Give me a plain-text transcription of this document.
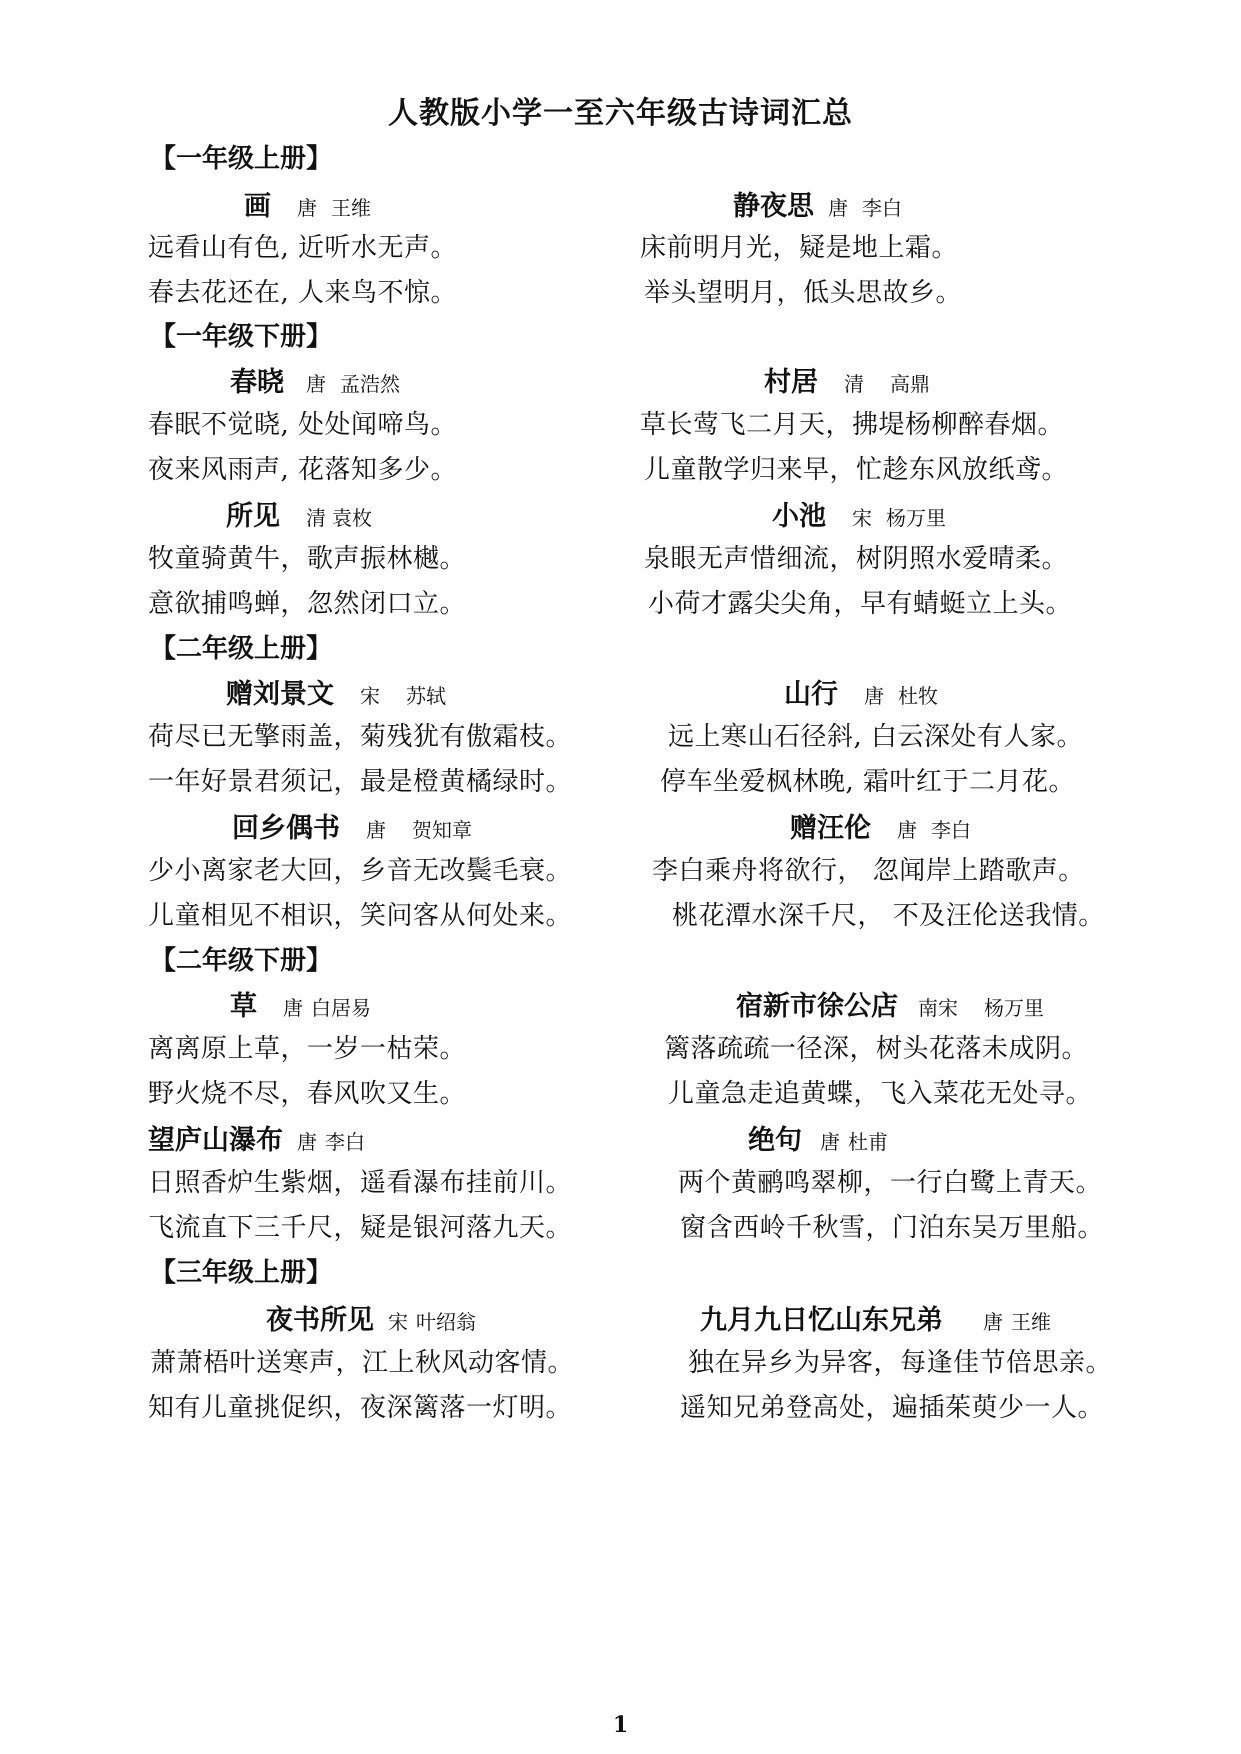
人教版小学一至六年级古诗词汇总
【一年级上册】
画 唐 王维
远看山有色, 近听水无声。
春去花还在, 人来鸟不惊。
静夜思 唐 李白
床前明月光，疑是地上霜。
举头望明月，低头思故乡。
【一年级下册】
春晓 唐 孟浩然
春眠不觉晓, 处处闻啼鸟。
夜来风雨声, 花落知多少。
村居 清 高鼎
草长莺飞二月天，拂堤杨柳醉春烟。
儿童散学归来早，忙趁东风放纸鸢。
所见 清 袁枚
牧童骑黄牛，歌声振林樾。
意欲捕鸣蝉，忽然闭口立。
小池 宋 杨万里
泉眼无声惜细流，树阴照水爱晴柔。
小荷才露尖尖角，早有蜻蜓立上头。
【二年级上册】
赠刘景文 宋 苏轼
荷尽已无擎雨盖，菊残犹有傲霜枝。
一年好景君须记，最是橙黄橘绿时。
山行 唐 杜牧
远上寒山石径斜, 白云深处有人家。
停车坐爱枫林晚, 霜叶红于二月花。
回乡偶书 唐 贺知章
少小离家老大回，乡音无改鬓毛衰。
儿童相见不相识，笑问客从何处来。
赠汪伦 唐 李白
李白乘舟将欲行， 忽闻岸上踏歌声。
桃花潭水深千尺， 不及汪伦送我情。
【二年级下册】
草 唐 白居易
离离原上草，一岁一枯荣。
野火烧不尽，春风吹又生。
宿新市徐公店 南宋 杨万里
篱落疏疏一径深，树头花落未成阴。
儿童急走追黄蝶，飞入菜花无处寻。
望庐山瀑布 唐 李白
日照香炉生紫烟，遥看瀑布挂前川。
飞流直下三千尺，疑是银河落九天。
绝句 唐 杜甫
两个黄鹂鸣翠柳，一行白鹭上青天。
窗含西岭千秋雪，门泊东吴万里船。
【三年级上册】
夜书所见 宋 叶绍翁
萧萧梧叶送寒声，江上秋风动客情。
知有儿童挑促织，夜深篱落一灯明。
九月九日忆山东兄弟 唐 王维
独在异乡为异客，每逢佳节倍思亲。
遥知兄弟登高处，遍插茱萸少一人。
1
